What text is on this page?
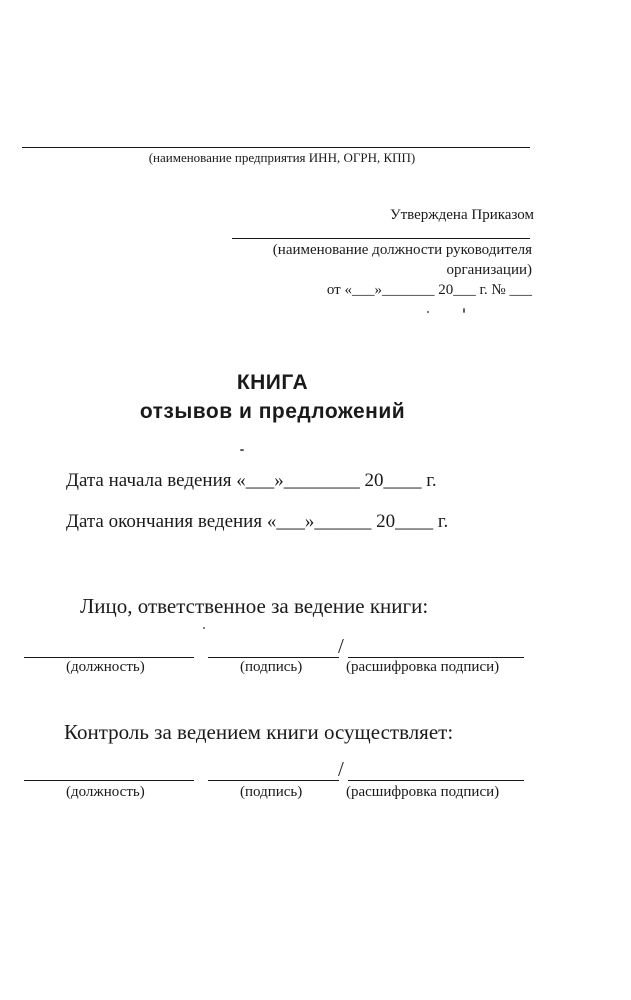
(наименование предприятия ИНН, ОГРН, КПП)
Утверждена Приказом
(наименование должности руководителя
организации)
от «___»_______ 20___ г. № ___
КНИГА
отзывов и предложений
Дата начала ведения «___»________ 20____ г.
Дата окончания ведения «___»______ 20____ г.
Лицо, ответственное за ведение книги:
/
(должность)	(подпись)	(расшифровка подписи)
Контроль за ведением книги осуществляет:
/
(должность)	(подпись)	(расшифровка подписи)
